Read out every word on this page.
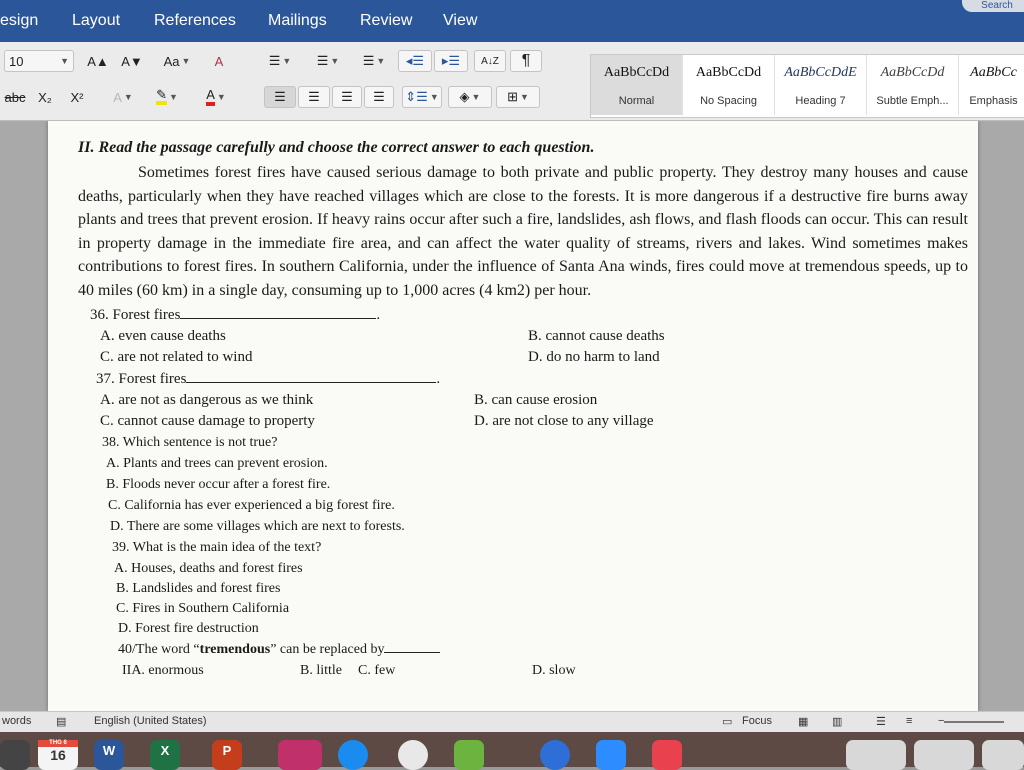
esign Layout References Mailings Review View
Search
10	▼	A▲ A▼	Aa ▼	A	☰ ▼ ☰ ▼ ☰ ▼ ◂☰ ▸☰	A↓Z	¶
abc X₂	X²	A ▼ ✎ ▼ A ▼	☰ ☰ ☰ ☰ ⇕☰ ▼ ◈ ▼ ⊞ ▼
AaBbCcDd
Normal
AaBbCcDd
No Spacing
AaBbCcDdE
Heading 7
AaBbCcDd
Subtle Emph...
AaBbCc
Emphasis

II. Read the passage carefully and choose the correct answer to each question.

Sometimes forest fires have caused serious damage to both private and public property. They destroy many houses and cause deaths, particularly when they have reached villages which are close to the forests. It is more dangerous if a destructive fire burns away plants and trees that prevent erosion. If heavy rains occur after such a fire, landslides, ash flows, and flash floods can occur. This can result in property damage in the immediate fire area, and can affect the water quality of streams, rivers and lakes. Wind sometimes makes contributions to forest fires. In southern California, under the influence of Santa Ana winds, fires could move at tremendous speeds, up to 40 miles (60 km) in a single day, consuming up to 1,000 acres (4 km2) per hour.

36. Forest fires	.

A. even cause deaths	B. cannot cause deaths
C. are not related to wind	D. do no harm to land

37. Forest fires	.

A. are not as dangerous as we think	B. can cause erosion
C. cannot cause damage to property	D. are not close to any village

38. Which sentence is not true?

A. Plants and trees can prevent erosion.
B. Floods never occur after a forest fire.
C. California has ever experienced a big forest fire.
D. There are some villages which are next to forests.

39. What is the main idea of the text?

A. Houses, deaths and forest fires
B. Landslides and forest fires
C. Fires in Southern California
D. Forest fire destruction

40/The word “tremendous” can be replaced by

IIA. enormous	B. little C. few	D. slow
words ▤	English (United States)	▭ Focus ▦ ▥	☰ ≡ −
THG 6
16	W	X	P
